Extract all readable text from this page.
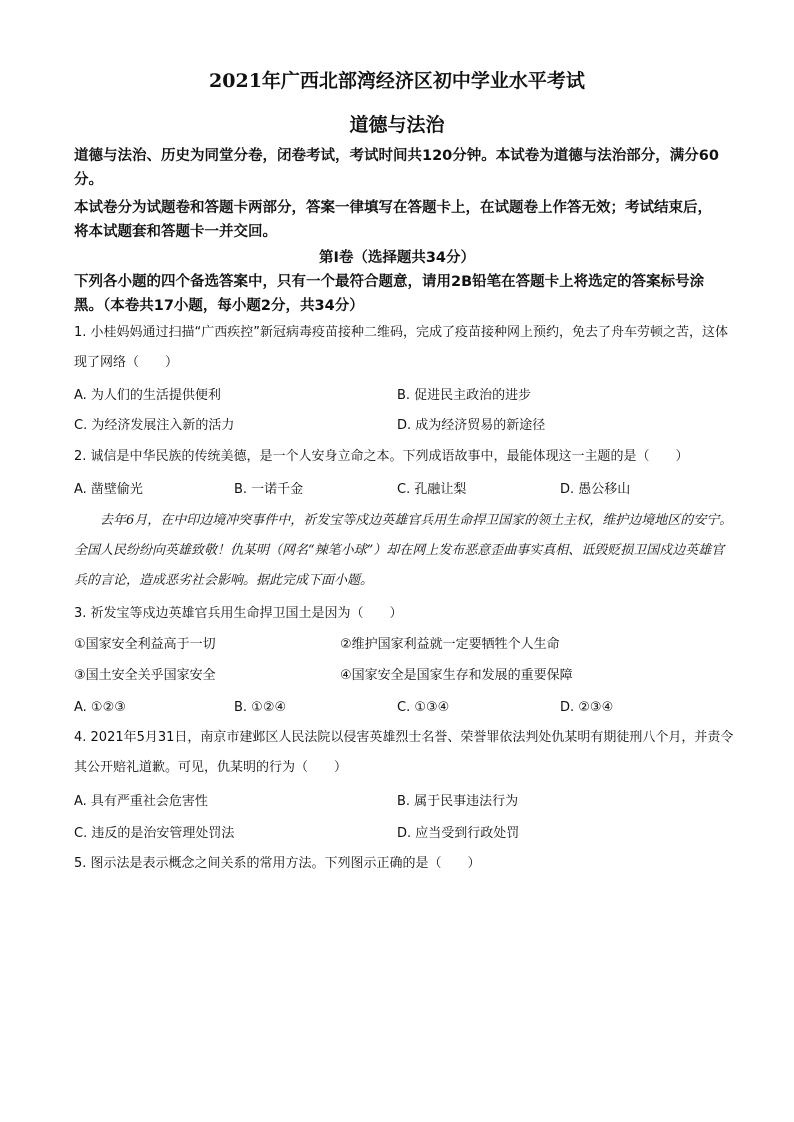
2021年广西北部湾经济区初中学业水平考试
道德与法治
道德与法治、历史为同堂分卷，闭卷考试，考试时间共120分钟。本试卷为道德与法治部分，满分60分。
本试卷分为试题卷和答题卡两部分，答案一律填写在答题卡上，在试题卷上作答无效；考试结束后，将本试题套和答题卡一并交回。
第Ⅰ卷（选择题共34分）
下列各小题的四个备选答案中，只有一个最符合题意，请用2B铅笔在答题卡上将选定的答案标号涂黑。（本卷共17小题，每小题2分，共34分）
1. 小桂妈妈通过扫描“广西疾控”新冠病毒疫苗接种二维码，完成了疫苗接种网上预约，免去了舟车劳顿之苦，这体现了网络（　　）
A. 为人们的生活提供便利	B. 促进民主政治的进步
C. 为经济发展注入新的活力	D. 成为经济贸易的新途径
2. 诚信是中华民族的传统美德，是一个人安身立命之本。下列成语故事中，最能体现这一主题的是（　　）
A. 凿壁偷光	B. 一诺千金	C. 孔融让梨	D. 愚公移山
去年6月，在中印边境冲突事件中，祈发宝等戍边英雄官兵用生命捍卫国家的领土主权，维护边境地区的安宁。全国人民纷纷向英雄致敬！仇某明（网名“辣笔小球”）却在网上发布恶意歪曲事实真相、诋毁贬损卫国戍边英雄官兵的言论，造成恶劣社会影响。据此完成下面小题。
3. 祈发宝等戍边英雄官兵用生命捍卫国土是因为（　　）
①国家安全利益高于一切	②维护国家利益就一定要牺牲个人生命
③国土安全关乎国家安全	④国家安全是国家生存和发展的重要保障
A. ①②③	B. ①②④	C. ①③④	D. ②③④
4. 2021年5月31日，南京市建邺区人民法院以侵害英雄烈士名誉、荣誉罪依法判处仇某明有期徒刑八个月，并责令其公开赔礼道歉。可见，仇某明的行为（　　）
A. 具有严重社会危害性	B. 属于民事违法行为
C. 违反的是治安管理处罚法	D. 应当受到行政处罚
5. 图示法是表示概念之间关系的常用方法。下列图示正确的是（　　）
